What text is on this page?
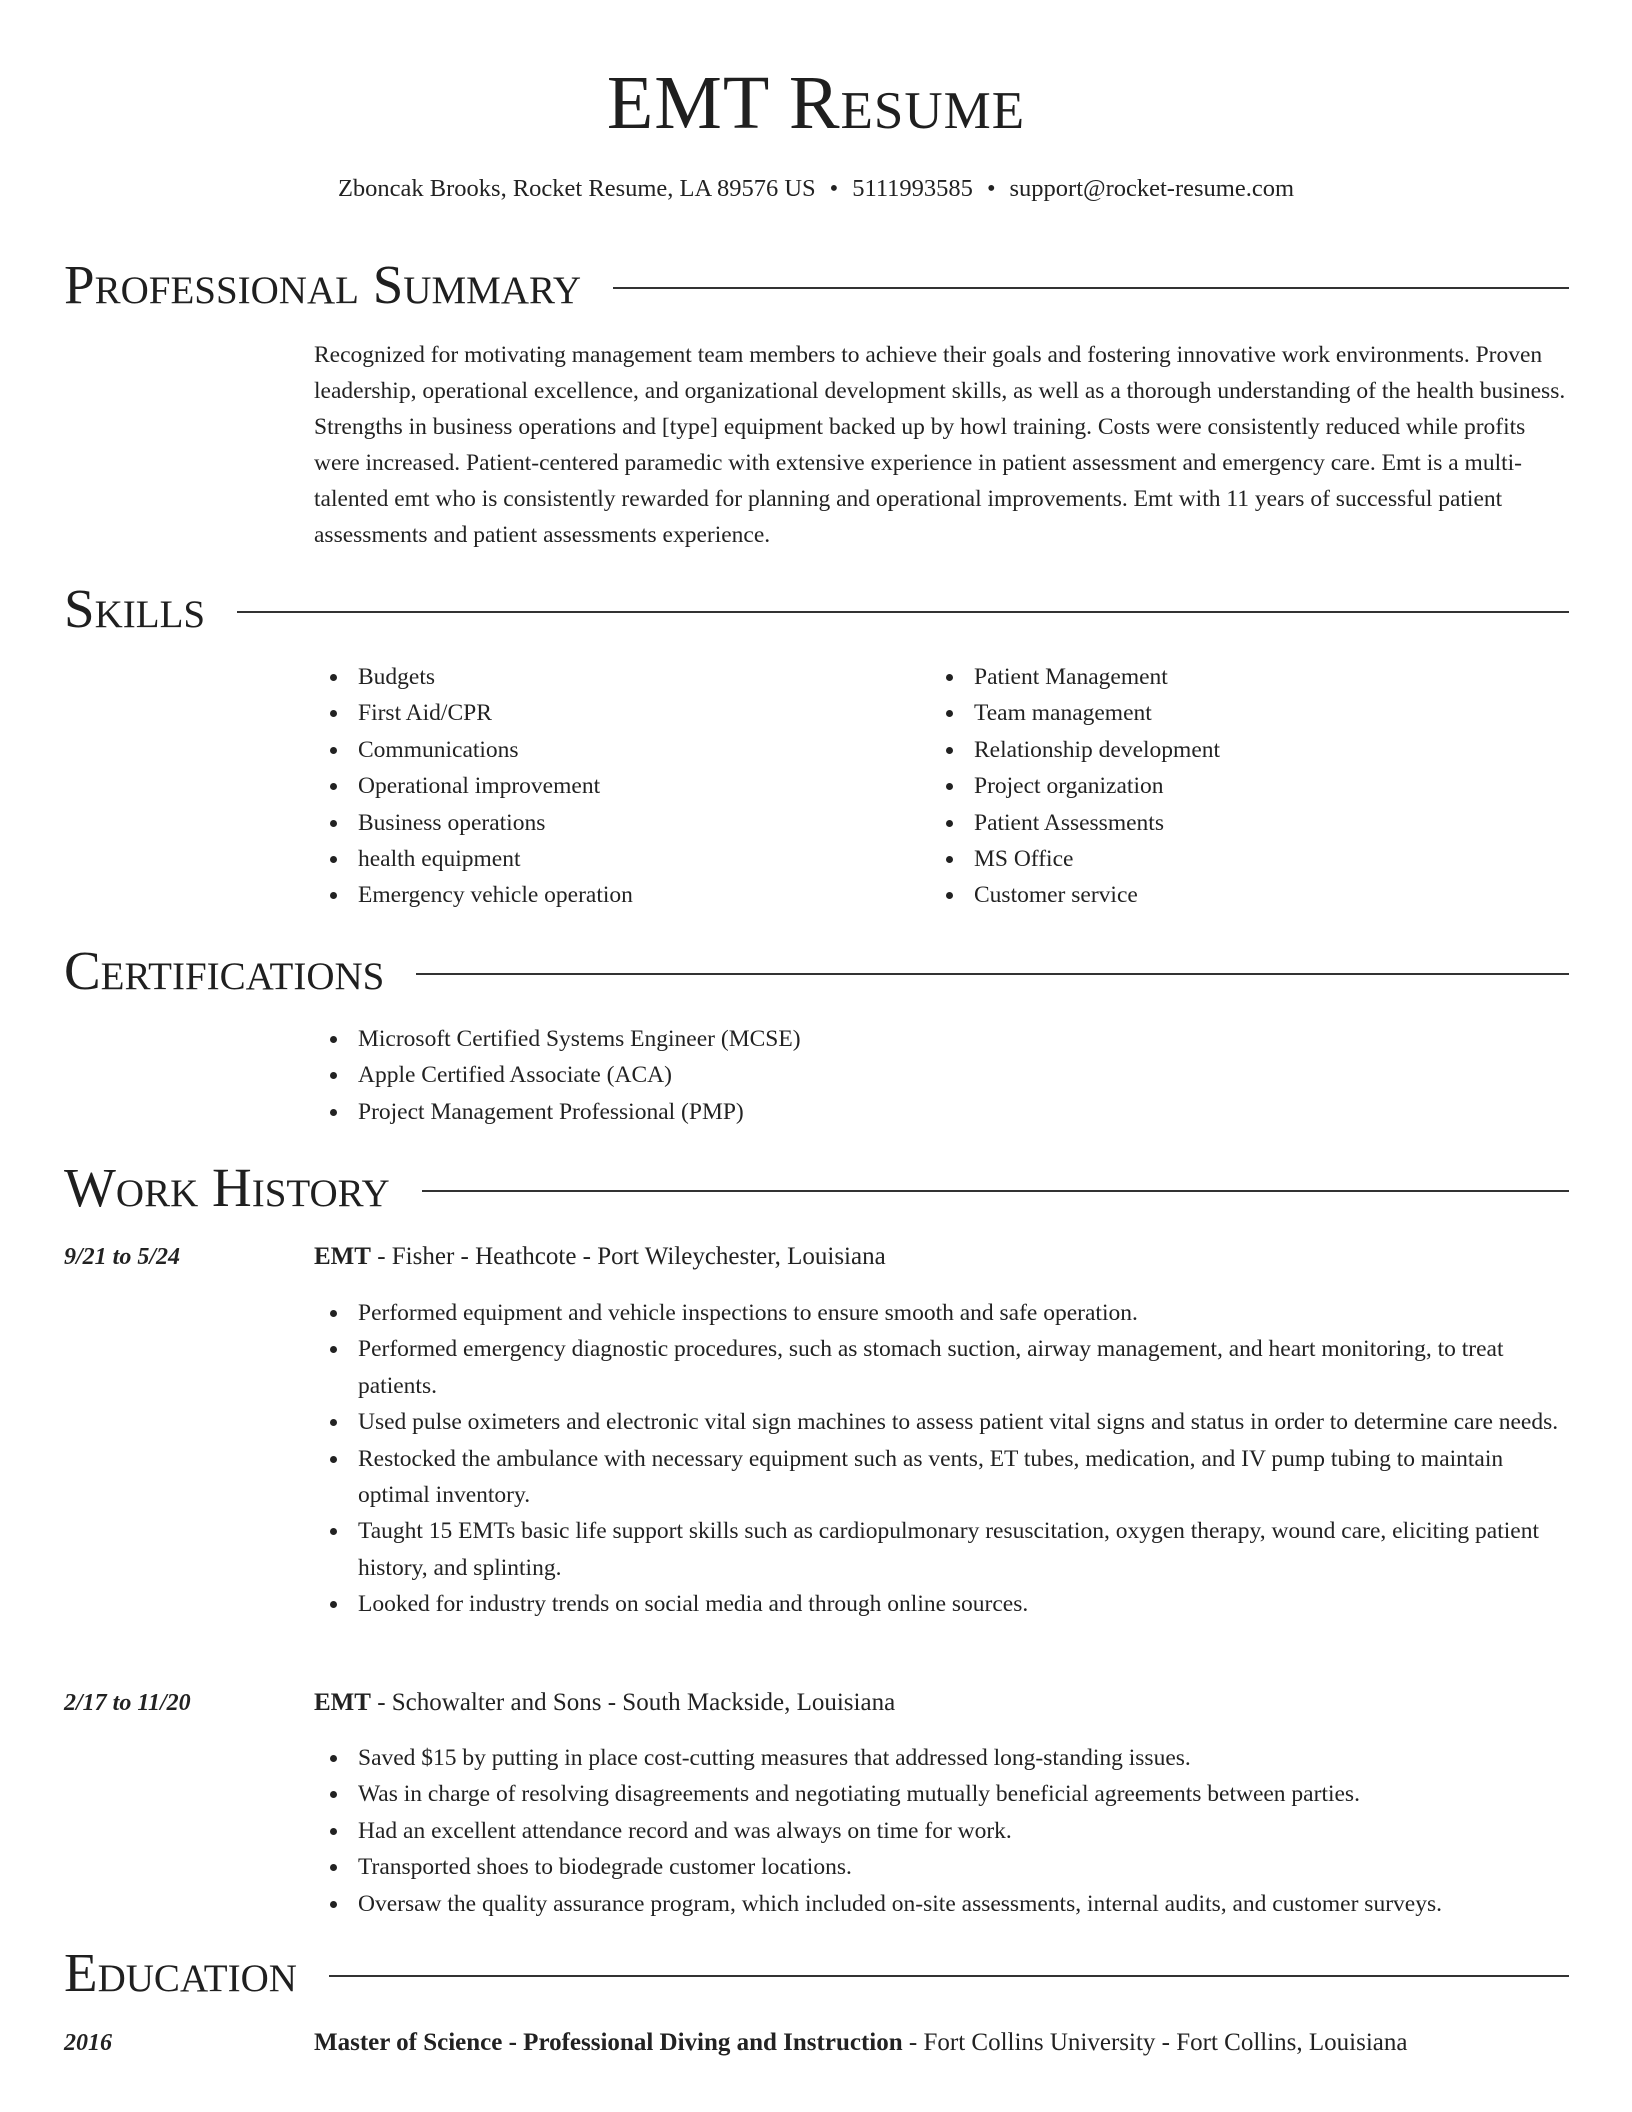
EMT Resume
Zboncak Brooks, Rocket Resume, LA 89576 US • 5111993585 • support@rocket-resume.com
Professional Summary

Recognized for motivating management team members to achieve their goals and fostering innovative work environments. Proven leadership, operational excellence, and organizational development skills, as well as a thorough understanding of the health business. Strengths in business operations and [type] equipment backed up by howl training. Costs were consistently reduced while profits were increased. Patient-centered paramedic with extensive experience in patient assessment and emergency care. Emt is a multi-talented emt who is consistently rewarded for planning and operational improvements. Emt with 11 years of successful patient assessments and patient assessments experience.

Skills
Budgets
First Aid/CPR
Communications
Operational improvement
Business operations
health equipment
Emergency vehicle operation
Patient Management
Team management
Relationship development
Project organization
Patient Assessments
MS Office
Customer service
Certifications
Microsoft Certified Systems Engineer (MCSE)
Apple Certified Associate (ACA)
Project Management Professional (PMP)
Work History
9/21 to 5/24	EMT - Fisher - Heathcote - Port Wileychester, Louisiana
Performed equipment and vehicle inspections to ensure smooth and safe operation.
Performed emergency diagnostic procedures, such as stomach suction, airway management, and heart monitoring, to treat patients.
Used pulse oximeters and electronic vital sign machines to assess patient vital signs and status in order to determine care needs.
Restocked the ambulance with necessary equipment such as vents, ET tubes, medication, and IV pump tubing to maintain optimal inventory.
Taught 15 EMTs basic life support skills such as cardiopulmonary resuscitation, oxygen therapy, wound care, eliciting patient history, and splinting.
Looked for industry trends on social media and through online sources.
2/17 to 11/20	EMT - Schowalter and Sons - South Mackside, Louisiana
Saved $15 by putting in place cost-cutting measures that addressed long-standing issues.
Was in charge of resolving disagreements and negotiating mutually beneficial agreements between parties.
Had an excellent attendance record and was always on time for work.
Transported shoes to biodegrade customer locations.
Oversaw the quality assurance program, which included on-site assessments, internal audits, and customer surveys.
Education
2016	Master of Science - Professional Diving and Instruction - Fort Collins University - Fort Collins, Louisiana
